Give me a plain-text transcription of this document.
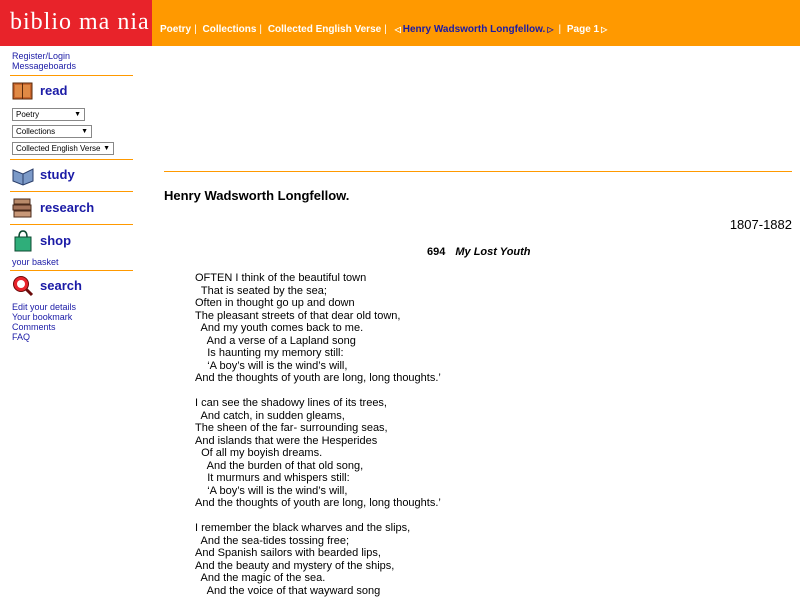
biblio ma nia Poetry | Collections | Collected English Verse | ◁ Henry Wadsworth Longfellow. ▷ | Page 1 ▷
Register/Login
Messageboards
read
Poetry	▼
Collections	▼
Collected English Verse ▼
study
research
shop
your basket
search
Edit your details
Your bookmark
Comments
FAQ
Henry Wadsworth Longfellow.
1807-1882
694 My Lost Youth
OFTEN I think of the beautiful town
That is seated by the sea;
Often in thought go up and down
The pleasant streets of that dear old town,
And my youth comes back to me.
And a verse of a Lapland song
Is haunting my memory still:
‘A boy’s will is the wind’s will,
And the thoughts of youth are long, long thoughts.’
I can see the shadowy lines of its trees,
And catch, in sudden gleams,
The sheen of the far- surrounding seas,
And islands that were the Hesperides
Of all my boyish dreams.
And the burden of that old song,
It murmurs and whispers still:
‘A boy’s will is the wind’s will,
And the thoughts of youth are long, long thoughts.’
I remember the black wharves and the slips,
And the sea-tides tossing free;
And Spanish sailors with bearded lips,
And the beauty and mystery of the ships,
And the magic of the sea.
And the voice of that wayward song
